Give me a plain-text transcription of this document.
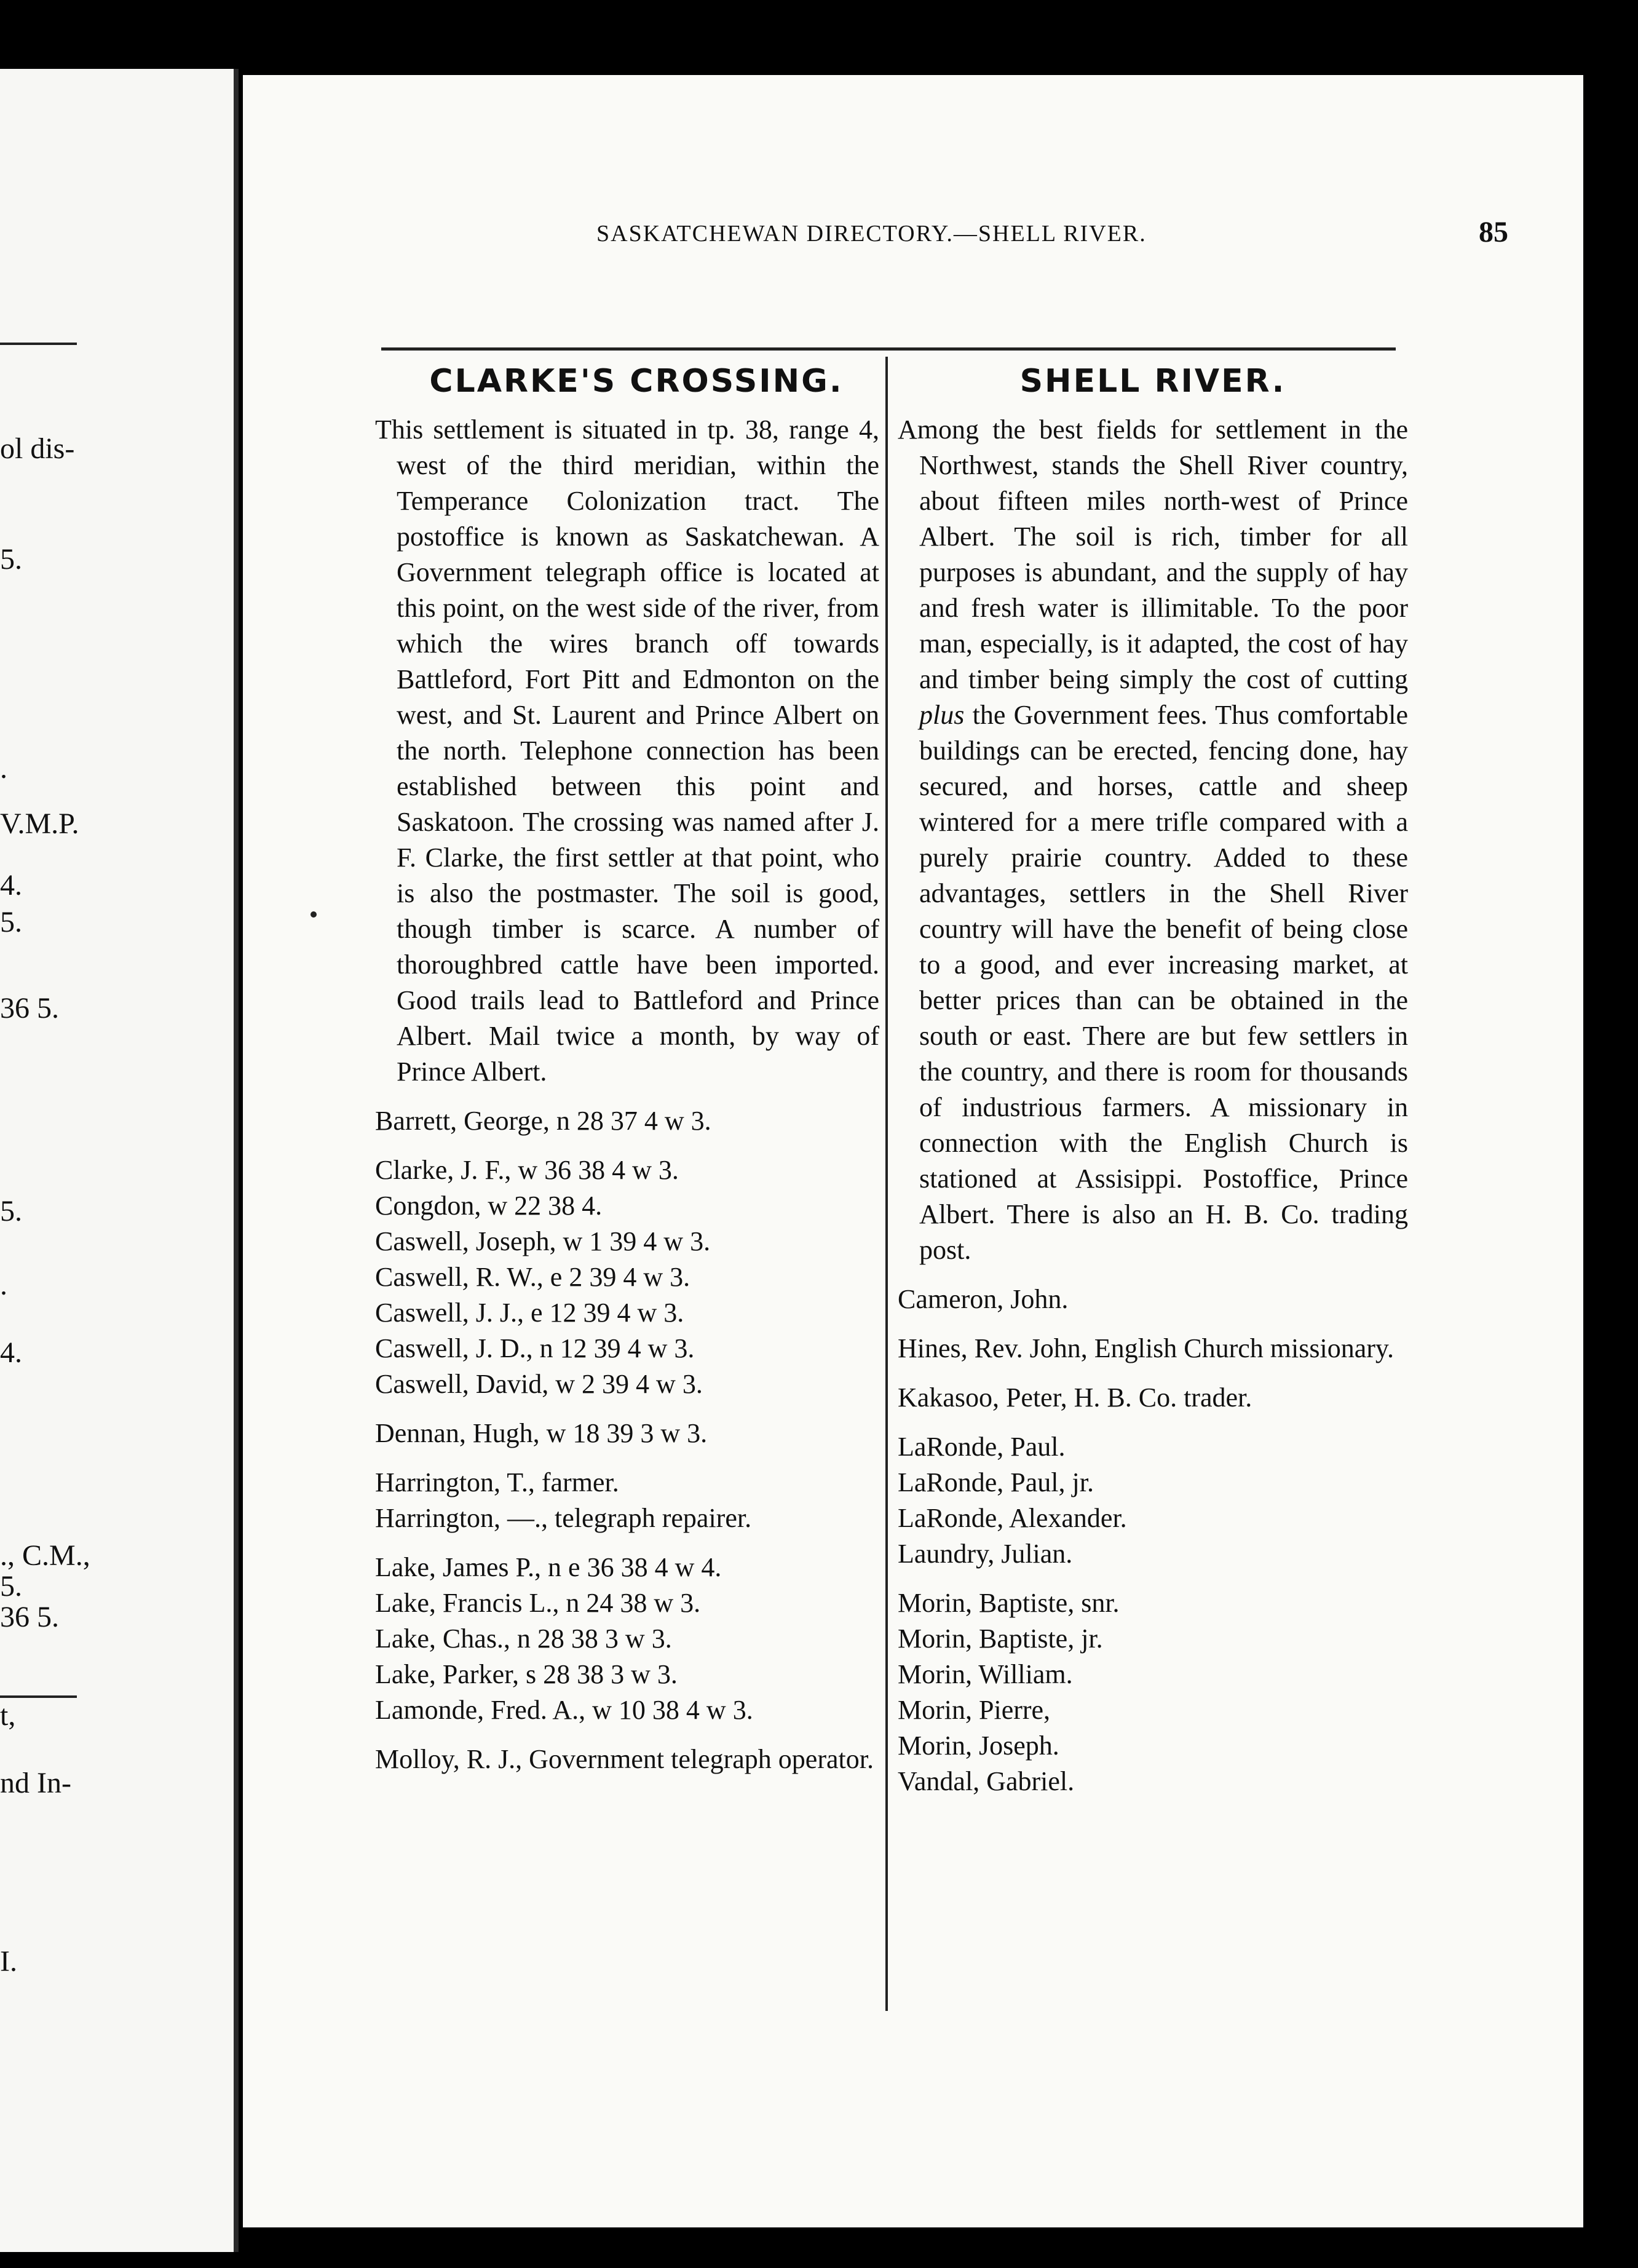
ol dis-
5.
.
V.M.P.
4.
5.
36 5.
5.
.
4.
., C.M.,
5.
36 5.
t,
nd In-
I.
SASKATCHEWAN DIRECTORY.—SHELL RIVER.	85
CLARKE'S CROSSING.

This settlement is situated in tp. 38, range 4, west of the third meridian, within the Temperance Colonization tract. The postoffice is known as Saskatchewan. A Government telegraph office is located at this point, on the west side of the river, from which the wires branch off towards Battleford, Fort Pitt and Edmonton on the west, and St. Laurent and Prince Albert on the north. Telephone connection has been established between this point and Saskatoon. The crossing was named after J. F. Clarke, the first settler at that point, who is also the postmaster. The soil is good, though timber is scarce. A number of thoroughbred cattle have been imported. Good trails lead to Battleford and Prince Albert. Mail twice a month, by way of Prince Albert.

Barrett, George, n 28 37 4 w 3.
Clarke, J. F., w 36 38 4 w 3.
Congdon, w 22 38 4.
Caswell, Joseph, w 1 39 4 w 3.
Caswell, R. W., e 2 39 4 w 3.
Caswell, J. J., e 12 39 4 w 3.
Caswell, J. D., n 12 39 4 w 3.
Caswell, David, w 2 39 4 w 3.
Dennan, Hugh, w 18 39 3 w 3.
Harrington, T., farmer.
Harrington, —., telegraph repairer.
Lake, James P., n e 36 38 4 w 4.
Lake, Francis L., n 24 38 w 3.
Lake, Chas., n 28 38 3 w 3.
Lake, Parker, s 28 38 3 w 3.
Lamonde, Fred. A., w 10 38 4 w 3.
Molloy, R. J., Government telegraph operator.
SHELL RIVER.

Among the best fields for settlement in the Northwest, stands the Shell River country, about fifteen miles north-west of Prince Albert. The soil is rich, timber for all purposes is abundant, and the supply of hay and fresh water is illimitable. To the poor man, especially, is it adapted, the cost of hay and timber being simply the cost of cutting plus the Government fees. Thus comfortable buildings can be erected, fencing done, hay secured, and horses, cattle and sheep wintered for a mere trifle compared with a purely prairie country. Added to these advantages, settlers in the Shell River country will have the benefit of being close to a good, and ever increasing market, at better prices than can be obtained in the south or east. There are but few settlers in the country, and there is room for thousands of industrious farmers. A missionary in connection with the English Church is stationed at Assisippi. Postoffice, Prince Albert. There is also an H. B. Co. trading post.

Cameron, John.
Hines, Rev. John, English Church missionary.
Kakasoo, Peter, H. B. Co. trader.
LaRonde, Paul.
LaRonde, Paul, jr.
LaRonde, Alexander.
Laundry, Julian.
Morin, Baptiste, snr.
Morin, Baptiste, jr.
Morin, William.
Morin, Pierre,
Morin, Joseph.
Vandal, Gabriel.
